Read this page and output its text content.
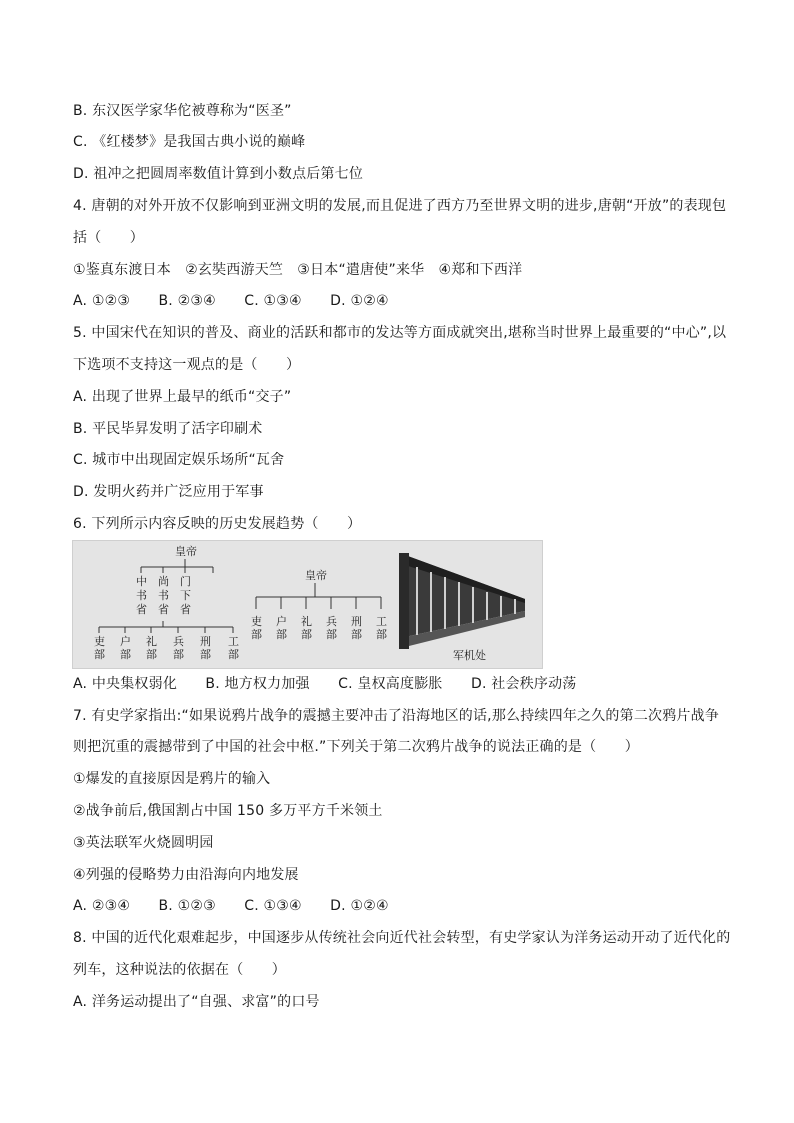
B. 东汉医学家华佗被尊称为“医圣”
C. 《红楼梦》是我国古典小说的巅峰
D. 祖冲之把圆周率数值计算到小数点后第七位
4. 唐朝的对外开放不仅影响到亚洲文明的发展,而且促进了西方乃至世界文明的进步,唐朝“开放”的表现包
括（　　）
①鉴真东渡日本　②玄奘西游天竺　③日本“遣唐使”来华　④郑和下西洋
A. ①②③　　B. ②③④　　C. ①③④　　D. ①②④
5. 中国宋代在知识的普及、商业的活跃和都市的发达等方面成就突出,堪称当时世界上最重要的“中心”,以
下选项不支持这一观点的是（　　）
A. 出现了世界上最早的纸币“交子”
B. 平民毕昇发明了活字印刷术
C. 城市中出现固定娱乐场所“瓦舍
D. 发明火药并广泛应用于军事
6. 下列所示内容反映的历史发展趋势（　　）
A. 中央集权弱化　　B. 地方权力加强　　C. 皇权高度膨胀　　D. 社会秩序动荡
7. 有史学家指出:“如果说鸦片战争的震撼主要冲击了沿海地区的话,那么持续四年之久的第二次鸦片战争
则把沉重的震撼带到了中国的社会中枢.”下列关于第二次鸦片战争的说法正确的是（　　）
①爆发的直接原因是鸦片的输入
②战争前后,俄国割占中国 150 多万平方千米领土
③英法联军火烧圆明园
④列强的侵略势力由沿海向内地发展
A. ②③④　　B. ①②③　　C. ①③④　　D. ①②④
8. 中国的近代化艰难起步，中国逐步从传统社会向近代社会转型，有史学家认为洋务运动开动了近代化的
列车，这种说法的依据在（　　）
A. 洋务运动提出了“自强、求富”的口号
皇帝
中
书
省
尚
书
省
门
下
省
吏
部
户
部
礼
部
兵
部
刑
部
工
部
皇帝
吏
部
户
部
礼
部
兵
部
刑
部
工
部
军机处
